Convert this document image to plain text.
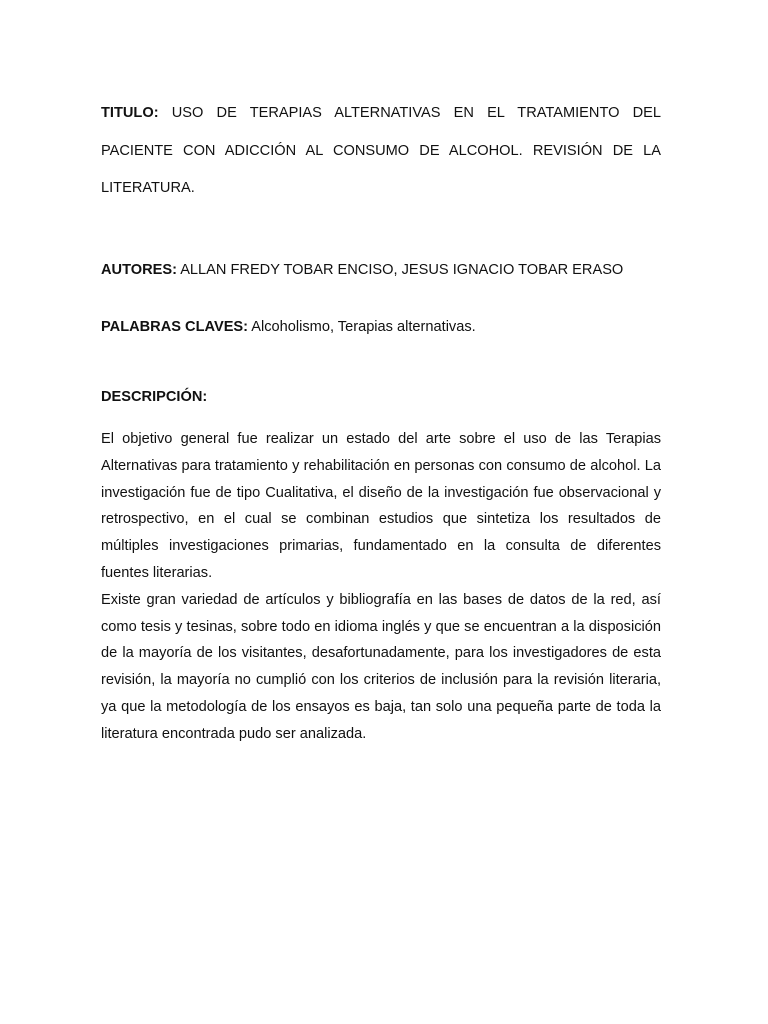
TITULO: USO DE TERAPIAS ALTERNATIVAS EN EL TRATAMIENTO DEL PACIENTE CON ADICCIÓN AL CONSUMO DE ALCOHOL. REVISIÓN DE LA LITERATURA.
AUTORES: ALLAN FREDY TOBAR ENCISO, JESUS IGNACIO TOBAR ERASO
PALABRAS CLAVES: Alcoholismo, Terapias alternativas.
DESCRIPCIÓN:

El objetivo general fue realizar un estado del arte sobre el uso de las Terapias Alternativas para tratamiento y rehabilitación en personas con consumo de alcohol. La investigación fue de tipo Cualitativa, el diseño de la investigación fue observacional y retrospectivo, en el cual se combinan estudios que sintetiza los resultados de múltiples investigaciones primarias, fundamentado en la consulta de diferentes fuentes literarias.

Existe gran variedad de artículos y bibliografía en las bases de datos de la red, así como tesis y tesinas, sobre todo en idioma inglés y que se encuentran a la disposición de la mayoría de los visitantes, desafortunadamente, para los investigadores de esta revisión, la mayoría no cumplió con los criterios de inclusión para la revisión literaria, ya que la metodología de los ensayos es baja, tan solo una pequeña parte de toda la literatura encontrada pudo ser analizada.
